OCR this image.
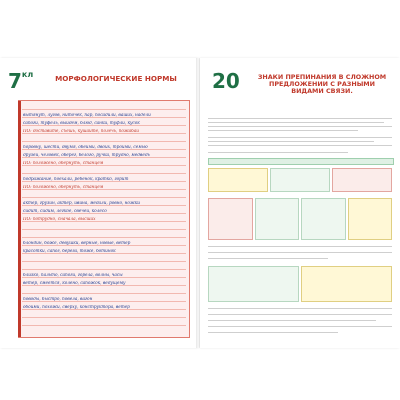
$7^{кл}$	МОРФОЛОГИЧЕСКИЕ НОРМЫ
вытянут, лугов, ниточек, пар, посадили, ваших, надели
сапоги, туфель, выйдем, блюд, санки, туфли, кусок
ПО: доставите, съешь, кушайте, полечь, пожабай
поровну, шести, двумя, обеими, двоих, троими, семью
друзей, человек, оберег, белого, ручка, трудно, медведь
ПО: положено, обернуть, станцем
подражание, поехали, ребенок, кратко, горит
ПО: положено, обернуть, станцем
актер, грузин, актер, ивина, медали, ровно, ножки
сидит, сидим, легкое, свечей, колесо
ПО: потрудно, сначала, высших
блондин, боже, девушки, верные, новые, ветер
красотки, сапог, берега, тоже, ботинок
близко, пальто, сапоги, горела, волны, часы
ветер, смеется, колено, сапожок, ведущему
поводы, быстро, повела, вагон
обоими, похожи, сверху, конструктора, ветер
20	ЗНАКИ ПРЕПИНАНИЯ В СЛОЖНОМ ПРЕДЛОЖЕНИИ С РАЗНЫМИ ВИДАМИ СВЯЗИ.
